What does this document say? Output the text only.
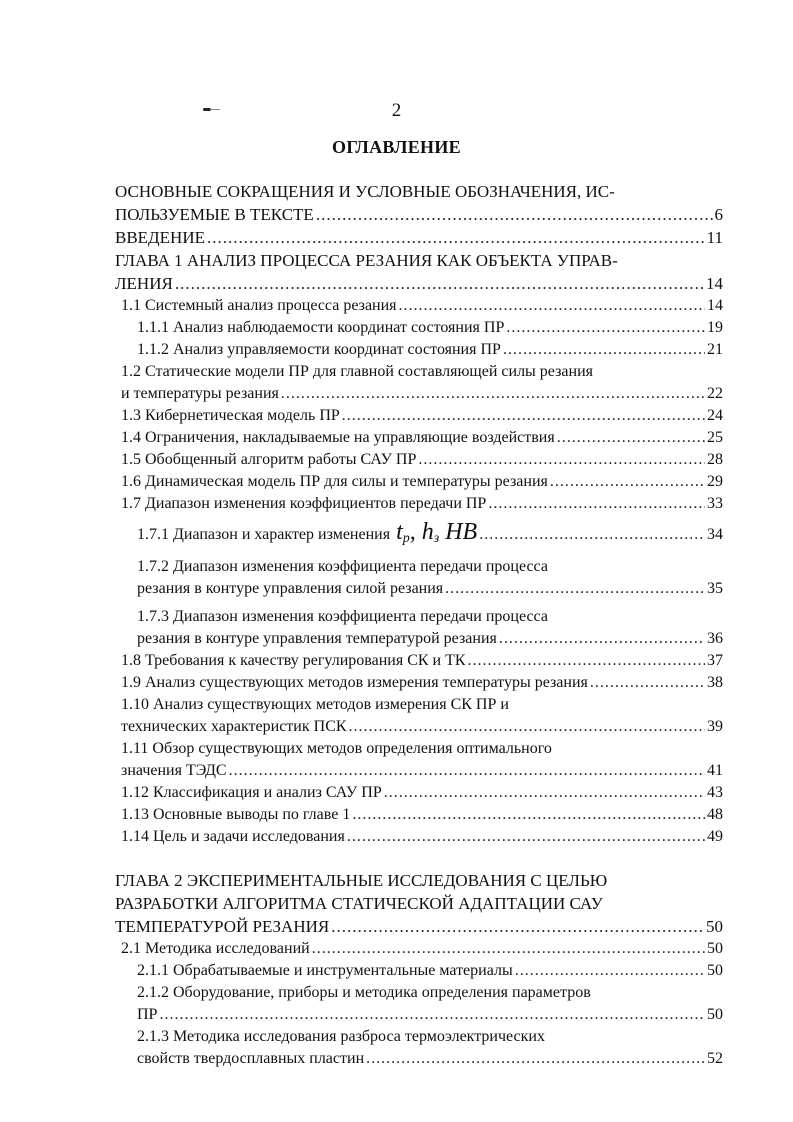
2
ОГЛАВЛЕНИЕ
ОСНОВНЫЕ СОКРАЩЕНИЯ И УСЛОВНЫЕ ОБОЗНАЧЕНИЯ, ИС-
ПОЛЬЗУЕМЫЕ В ТЕКСТЕ .....	6
ВВЕДЕНИЕ .....	11
ГЛАВА 1 АНАЛИЗ ПРОЦЕССА РЕЗАНИЯ КАК ОБЪЕКТА УПРАВ-
ЛЕНИЯ .....	14
1.1 Системный анализ процесса резания .....	14
1.1.1 Анализ наблюдаемости координат состояния ПР .....	19
1.1.2 Анализ управляемости координат состояния ПР .....	21
1.2 Статические модели ПР для главной составляющей силы резания
и температуры резания .....	22
1.3 Кибернетическая модель ПР .....	24
1.4 Ограничения, накладываемые на управляющие воздействия .....	25
1.5 Обобщенный алгоритм работы САУ ПР .....	28
1.6 Динамическая модель ПР для силы и температуры резания .....	29
1.7 Диапазон изменения коэффициентов передачи ПР .....	33
1.7.1 Диапазон и характер изменения $t_р$, $h_з$ HB .....	34
1.7.2 Диапазон изменения коэффициента передачи процесса
резания в контуре управления силой резания .....	35
1.7.3 Диапазон изменения коэффициента передачи процесса
резания в контуре управления температурой резания .....	36
1.8 Требования к качеству регулирования СК и ТК .....	37
1.9 Анализ существующих методов измерения температуры резания .....	38
1.10 Анализ существующих методов измерения СК ПР и
технических характеристик ПСК .....	39
1.11 Обзор существующих методов определения оптимального
значения ТЭДС .....	41
1.12 Классификация и анализ САУ ПР .....	43
1.13 Основные выводы по главе 1 .....	48
1.14 Цель и задачи исследования .....	49
ГЛАВА 2 ЭКСПЕРИМЕНТАЛЬНЫЕ ИССЛЕДОВАНИЯ С ЦЕЛЬЮ
РАЗРАБОТКИ АЛГОРИТМА СТАТИЧЕСКОЙ АДАПТАЦИИ САУ
ТЕМПЕРАТУРОЙ РЕЗАНИЯ .....	50
2.1 Методика исследований .....	50
2.1.1 Обрабатываемые и инструментальные материалы .....	50
2.1.2 Оборудование, приборы и методика определения параметров
ПР .....	50
2.1.3 Методика исследования разброса термоэлектрических
свойств твердосплавных пластин .....	52
